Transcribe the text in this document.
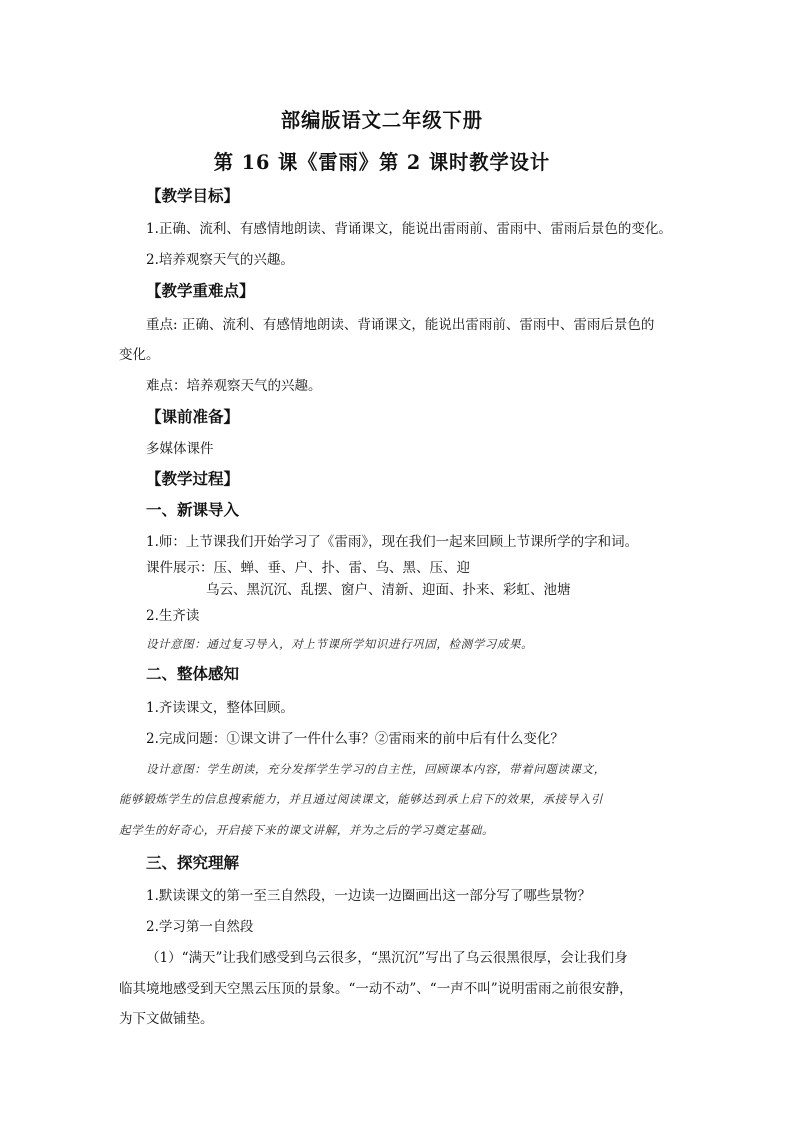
部编版语文二年级下册
第 16 课《雷雨》第 2 课时教学设计
【教学目标】
1.正确、流利、有感情地朗读、背诵课文，能说出雷雨前、雷雨中、雷雨后景色的变化。
2.培养观察天气的兴趣。
【教学重难点】
重点: 正确、流利、有感情地朗读、背诵课文，能说出雷雨前、雷雨中、雷雨后景色的
变化。
难点：培养观察天气的兴趣。
【课前准备】
多媒体课件
【教学过程】
一、新课导入
1.师：上节课我们开始学习了《雷雨》，现在我们一起来回顾上节课所学的字和词。
课件展示：压、蝉、垂、户、扑、雷、乌、黑、压、迎
乌云、黑沉沉、乱摆、窗户、清新、迎面、扑来、彩虹、池塘
2.生齐读
设计意图：通过复习导入，对上节课所学知识进行巩固，检测学习成果。
二、整体感知
1.齐读课文，整体回顾。
2.完成问题：①课文讲了一件什么事？②雷雨来的前中后有什么变化？
设计意图：学生朗读，充分发挥学生学习的自主性，回顾课本内容，带着问题读课文，
能够锻炼学生的信息搜索能力，并且通过阅读课文，能够达到承上启下的效果，承接导入引
起学生的好奇心，开启接下来的课文讲解，并为之后的学习奠定基础。
三、探究理解
1.默读课文的第一至三自然段，一边读一边圈画出这一部分写了哪些景物？
2.学习第一自然段
（1）“满天”让我们感受到乌云很多，“黑沉沉”写出了乌云很黑很厚，会让我们身
临其境地感受到天空黑云压顶的景象。“一动不动”、“一声不叫”说明雷雨之前很安静，
为下文做铺垫。
